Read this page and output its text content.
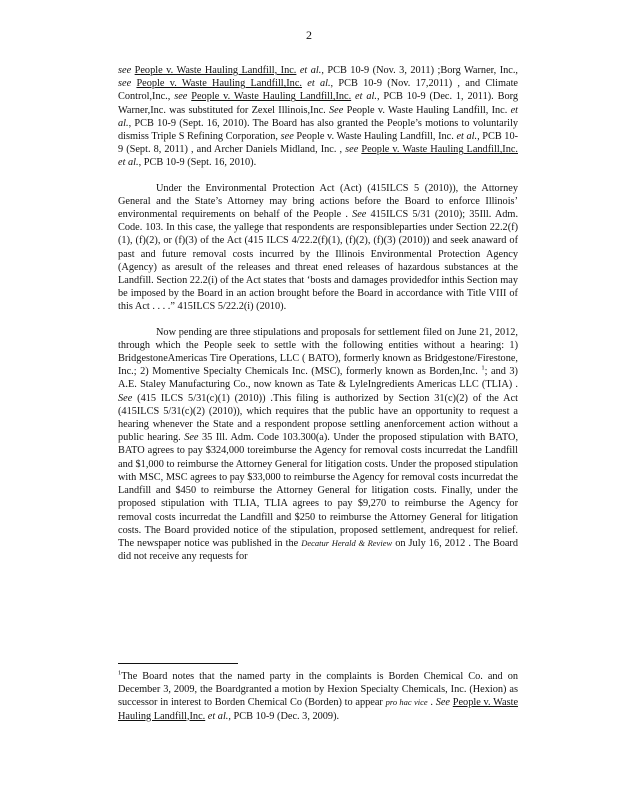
2

see People v. Waste Hauling Landfill, Inc. et al., PCB 10-9 (Nov. 3, 2011) ;Borg Warner, Inc., see People v. Waste Hauling Landfill,Inc. et al., PCB 10-9 (Nov. 17,2011) , and Climate Control,Inc., see People v. Waste Hauling Landfill,Inc. et al., PCB 10-9 (Dec. 1, 2011). Borg Warner,Inc. was substituted for Zexel Illinois,Inc. See People v. Waste Hauling Landfill, Inc. et al., PCB 10-9 (Sept. 16, 2010). The Board has also granted the People’s motions to voluntarily dismiss Triple S Refining Corporation, see People v. Waste Hauling Landfill, Inc. et al., PCB 10-9 (Sept. 8, 2011) , and Archer Daniels Midland, Inc. , see People v. Waste Hauling Landfill,Inc. et al., PCB 10-9 (Sept. 16, 2010).

Under the Environmental Protection Act (Act) (415ILCS 5 (2010)), the Attorney General and the State’s Attorney may bring actions before the Board to enforce Illinois’ environmental requirements on behalf of the People . See 415ILCS 5/31 (2010); 35Ill. Adm. Code. 103. In this case, the yallege that respondents are responsibleparties under Section 22.2(f)(1), (f)(2), or (f)(3) of the Act (415 ILCS 4/22.2(f)(1), (f)(2), (f)(3) (2010)) and seek anaward of past and future removal costs incurred by the Illinois Environmental Protection Agency (Agency) as aresult of the releases and threat ened releases of hazardous substances at the Landfill. Section 22.2(i) of the Act states that ‘bosts and damages providedfor inthis Section may be imposed by the Board in an action brought before the Board in accordance with Title VIII of this Act . . . .” 415ILCS 5/22.2(i) (2010).

Now pending are three stipulations and proposals for settlement filed on June 21, 2012, through which the People seek to settle with the following entities without a hearing: 1) BridgestoneAmericas Tire Operations, LLC ( BATO), formerly known as Bridgestone/Firestone, Inc.; 2) Momentive Specialty Chemicals Inc. (MSC), formerly known as Borden,Inc. $^1$; and 3) A.E. Staley Manufacturing Co., now known as Tate & LyleIngredients Americas LLC (TLIA) . See (415 ILCS 5/31(c)(1) (2010)) .This filing is authorized by Section 31(c)(2) of the Act (415ILCS 5/31(c)(2) (2010)), which requires that the public have an opportunity to request a hearing whenever the State and a respondent propose settling anenforcement action without a public hearing. See 35 Ill. Adm. Code 103.300(a). Under the proposed stipulation with BATO, BATO agrees to pay $324,000 toreimburse the Agency for removal costs incurredat the Landfill and $1,000 to reimburse the Attorney General for litigation costs. Under the proposed stipulation with MSC, MSC agrees to pay $33,000 to reimburse the Agency for removal costs incurredat the Landfill and $450 to reimburse the Attorney General for litigation costs. Finally, under the proposed stipulation with TLIA, TLIA agrees to pay $9,270 to reimburse the Agency for removal costs incurredat the Landfill and $250 to reimburse the Attorney General for litigation costs. The Board provided notice of the stipulation, proposed settlement, andrequest for relief. The newspaper notice was published in the Decatur Herald & Review on July 16, 2012 . The Board did not receive any requests for

$^1$The Board notes that the named party in the complaints is Borden Chemical Co. and on December 3, 2009, the Boardgranted a motion by Hexion Specialty Chemicals, Inc. (Hexion) as successor in interest to Borden Chemical Co (Borden) to appear pro hac vice . See People v. Waste Hauling Landfill,Inc. et al., PCB 10-9 (Dec. 3, 2009).
